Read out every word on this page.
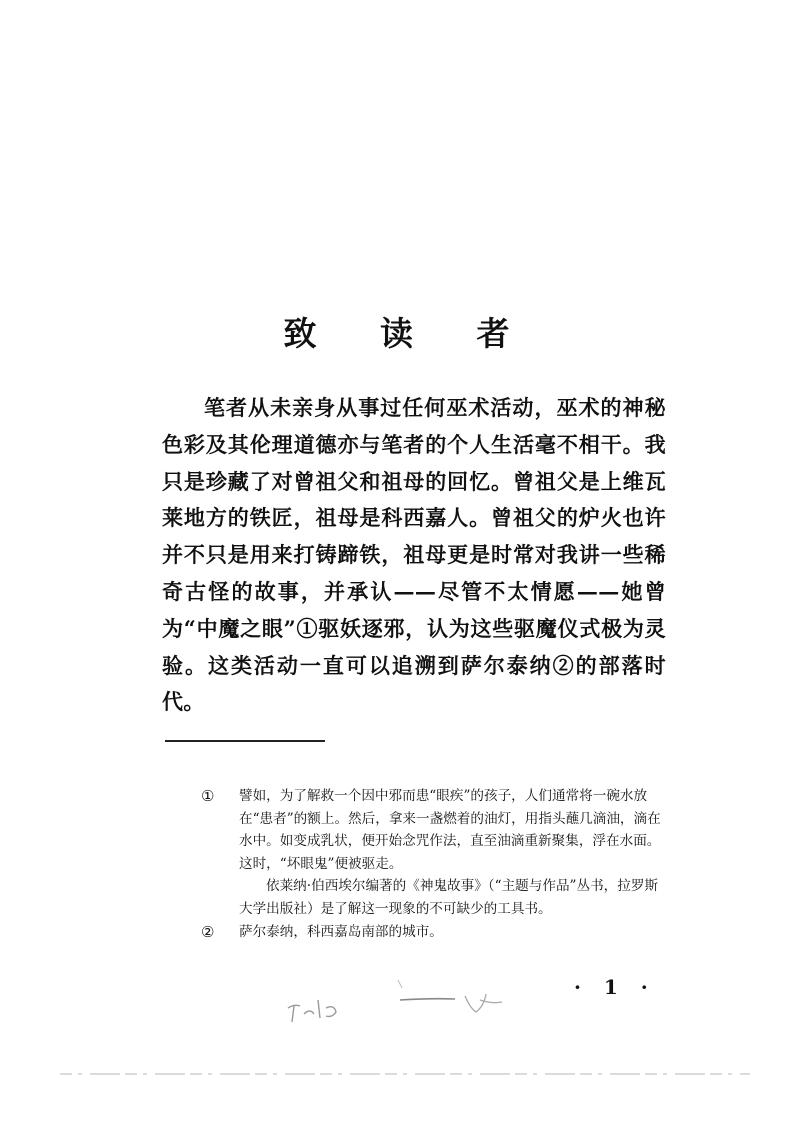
致 读 者
笔者从未亲身从事过任何巫术活动，巫术的神秘色彩及其伦理道德亦与笔者的个人生活毫不相干。我只是珍藏了对曾祖父和祖母的回忆。曾祖父是上维瓦莱地方的铁匠，祖母是科西嘉人。曾祖父的炉火也许并不只是用来打铸蹄铁，祖母更是时常对我讲一些稀奇古怪的故事，并承认——尽管不太情愿——她曾为“中魔之眼”①驱妖逐邪，认为这些驱魔仪式极为灵验。这类活动一直可以追溯到萨尔泰纳②的部落时代。
① 譬如，为了解救一个因中邪而患“眼疾”的孩子，人们通常将一碗水放在“患者”的额上。然后，拿来一盏燃着的油灯，用指头蘸几滴油，滴在水中。如变成乳状，便开始念咒作法，直至油滴重新聚集，浮在水面。这时，“坏眼鬼”便被驱走。
依莱纳·伯西埃尔编著的《神鬼故事》（“主题与作品”丛书，拉罗斯大学出版社）是了解这一现象的不可缺少的工具书。
② 萨尔泰纳，科西嘉岛南部的城市。
· 1 ·
